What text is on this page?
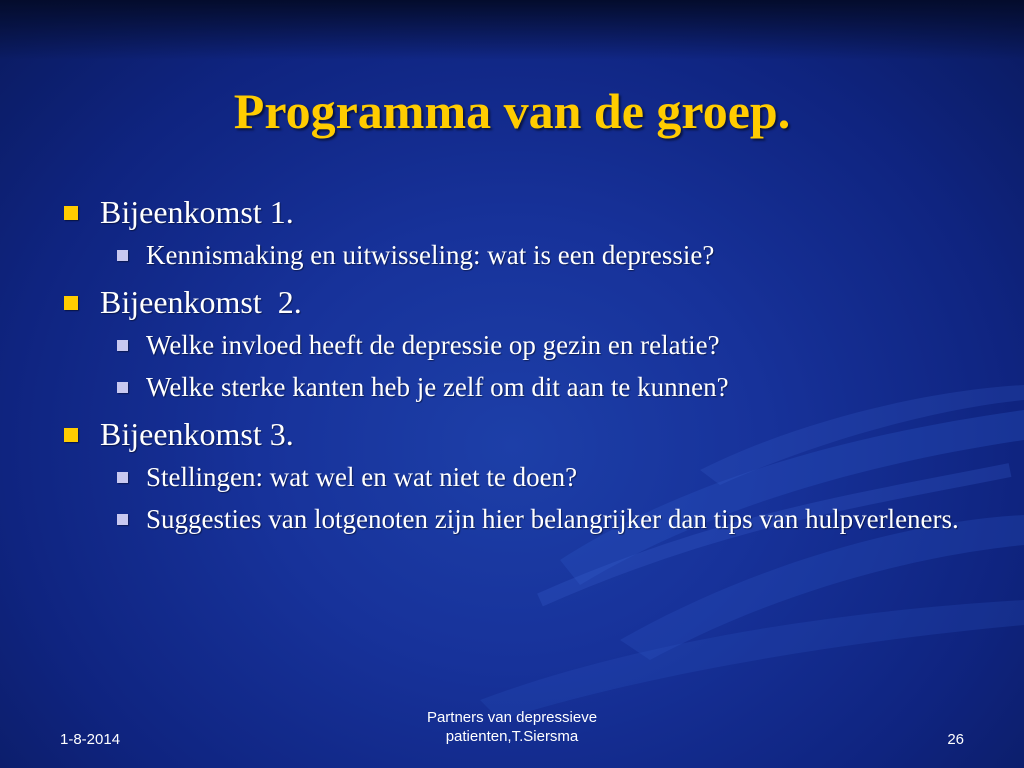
Programma van de groep.
Bijeenkomst 1.
Kennismaking en uitwisseling: wat is een depressie?
Bijeenkomst  2.
Welke invloed heeft de depressie op gezin en relatie?
Welke sterke kanten heb je zelf om dit aan te kunnen?
Bijeenkomst 3.
Stellingen: wat wel en wat niet te doen?
Suggesties van lotgenoten zijn hier belangrijker dan tips van hulpverleners.
1-8-2014
Partners van depressieve
patienten,T.Siersma	26
